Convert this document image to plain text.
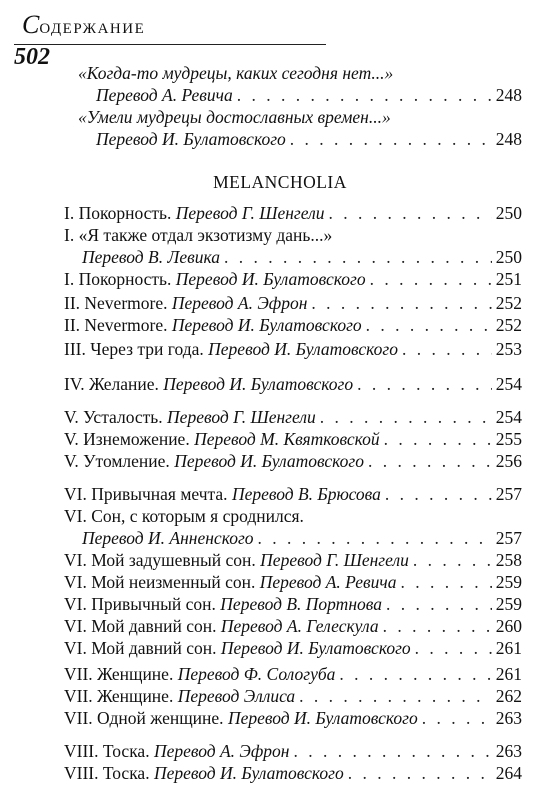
СОДЕРЖАНИЕ
502
MELANCHOLIA
«Когда-то мудрецы, каких сегодня нет...»
Перевод А. Ревича . . .	248
«Умели мудрецы достославных времен...»
Перевод И. Булатовского . . .	248
I. Покорность. Перевод Г. Шенгели . . .	250
I. «Я также отдал экзотизму дань...»
Перевод В. Левика . . .	250
I. Покорность. Перевод И. Булатовского . . .	251
II. Nevermore. Перевод А. Эфрон . . .	252
II. Nevermore. Перевод И. Булатовского . . .	252
III. Через три года. Перевод И. Булатовского . . .	253
IV. Желание. Перевод И. Булатовского . . .	254
V. Усталость. Перевод Г. Шенгели . . .	254
V. Изнеможение. Перевод М. Квятковской . . .	255
V. Утомление. Перевод И. Булатовского . . .	256
VI. Привычная мечта. Перевод В. Брюсова . . .	257
VI. Сон, с которым я сроднился.
Перевод И. Анненского . . .	257
VI. Мой задушевный сон. Перевод Г. Шенгели . . .	258
VI. Мой неизменный сон. Перевод А. Ревича . . .	259
VI. Привычный сон. Перевод В. Портнова . . .	259
VI. Мой давний сон. Перевод А. Гелескула . . .	260
VI. Мой давний сон. Перевод И. Булатовского . . .	261
VII. Женщине. Перевод Ф. Сологуба . . .	261
VII. Женщине. Перевод Эллиса . . .	262
VII. Одной женщине. Перевод И. Булатовского . . .	263
VIII. Тоска. Перевод А. Эфрон . . .	263
VIII. Тоска. Перевод И. Булатовского . . .	264
